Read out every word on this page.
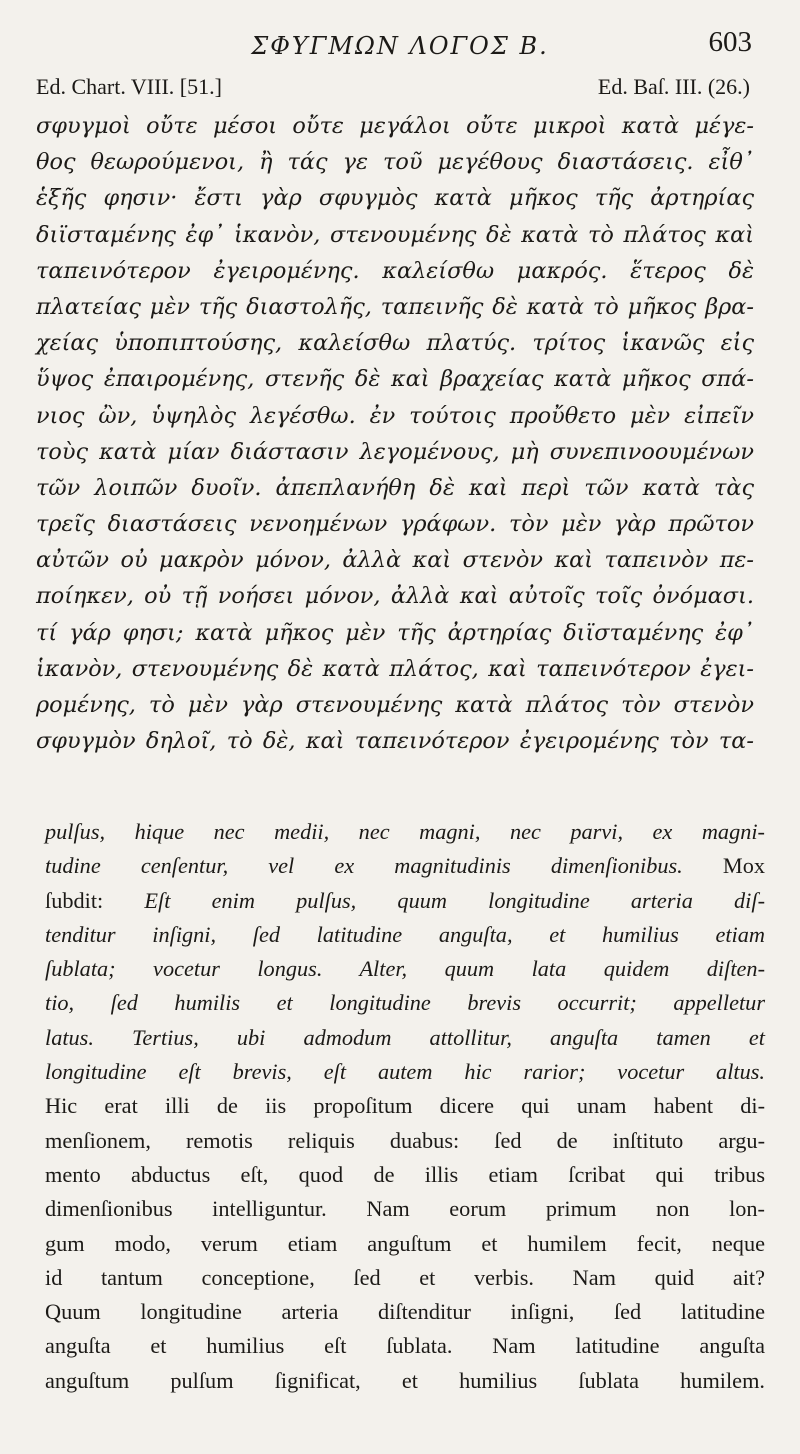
ΣΦΥΓΜΩΝ ΛΟΓΟΣ Β.	603
Ed. Chart. VIII. [51.]	Ed. Baſ. III. (26.)
σφυγμοὶ οὔτε μέσοι οὔτε μεγάλοι οὔτε μικροὶ κατὰ μέγε-
θος θεωρούμενοι, ἢ τάς γε τοῦ μεγέθους διαστάσεις. εἶθ᾽
ἑξῆς φησιν· ἔστι γὰρ σφυγμὸς κατὰ μῆκος τῆς ἀρτηρίας
διϊσταμένης ἐφ᾽ ἱκανὸν, στενουμένης δὲ κατὰ τὸ πλάτος καὶ
ταπεινότερον ἐγειρομένης. καλείσθω μακρός. ἕτερος δὲ
πλατείας μὲν τῆς διαστολῆς, ταπεινῆς δὲ κατὰ τὸ μῆκος βρα-
χείας ὑποπιπτούσης, καλείσθω πλατύς. τρίτος ἱκανῶς εἰς
ὕψος ἐπαιρομένης, στενῆς δὲ καὶ βραχείας κατὰ μῆκος σπά-
νιος ὢν, ὑψηλὸς λεγέσθω. ἐν τούτοις προὔθετο μὲν εἰπεῖν
τοὺς κατὰ μίαν διάστασιν λεγομένους, μὴ συνεπινοουμένων
τῶν λοιπῶν δυοῖν. ἀπεπλανήθη δὲ καὶ περὶ τῶν κατὰ τὰς
τρεῖς διαστάσεις νενοημένων γράφων. τὸν μὲν γὰρ πρῶτον
αὐτῶν οὐ μακρὸν μόνον, ἀλλὰ καὶ στενὸν καὶ ταπεινὸν πε-
ποίηκεν, οὐ τῇ νοήσει μόνον, ἀλλὰ καὶ αὐτοῖς τοῖς ὀνόμασι.
τί γάρ φησι; κατὰ μῆκος μὲν τῆς ἀρτηρίας διϊσταμένης ἐφ᾽
ἱκανὸν, στενουμένης δὲ κατὰ πλάτος, καὶ ταπεινότερον ἐγει-
ρομένης, τὸ μὲν γὰρ στενουμένης κατὰ πλάτος τὸν στενὸν
σφυγμὸν δηλοῖ, τὸ δὲ, καὶ ταπεινότερον ἐγειρομένης τὸν τα-
pulſus, hique nec medii, nec magni, nec parvi, ex magni-
tudine cenſentur, vel ex magnitudinis dimenſionibus. Mox
ſubdit: Eſt enim pulſus, quum longitudine arteria diſ-
tenditur inſigni, ſed latitudine anguſta, et humilius etiam
ſublata; vocetur longus. Alter, quum lata quidem diſten-
tio, ſed humilis et longitudine brevis occurrit; appelletur
latus. Tertius, ubi admodum attollitur, anguſta tamen et
longitudine eſt brevis, eſt autem hic rarior; vocetur altus.
Hic erat illi de iis propoſitum dicere qui unam habent di-
menſionem, remotis reliquis duabus: ſed de inſtituto argu-
mento abductus eſt, quod de illis etiam ſcribat qui tribus
dimenſionibus intelliguntur. Nam eorum primum non lon-
gum modo, verum etiam anguſtum et humilem fecit, neque
id tantum conceptione, ſed et verbis. Nam quid ait?
Quum longitudine arteria diſtenditur inſigni, ſed latitudine
anguſta et humilius eſt ſublata. Nam latitudine anguſta
anguſtum pulſum ſignificat, et humilius ſublata humilem.
